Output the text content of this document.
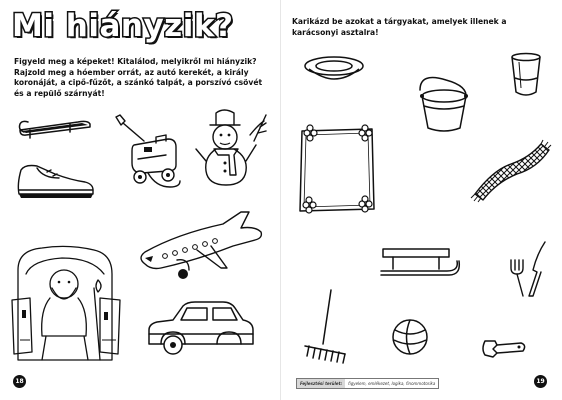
Mi hiányzik?

Figyeld meg a képeket! Kitalálod, melyikről mi hiányzik? Rajzold meg a hóember orrát, az autó kerekét, a király koronáját, a cipő-fűzőt, a szánkó talpát, a porszívó csövét és a repülő szárnyát!

18

Karikázd be azokat a tárgyakat, amelyek illenek a karácsonyi asztalra!

Fejlesztési terület:	figyelem, emlékezet, logika, finommotorika	19
